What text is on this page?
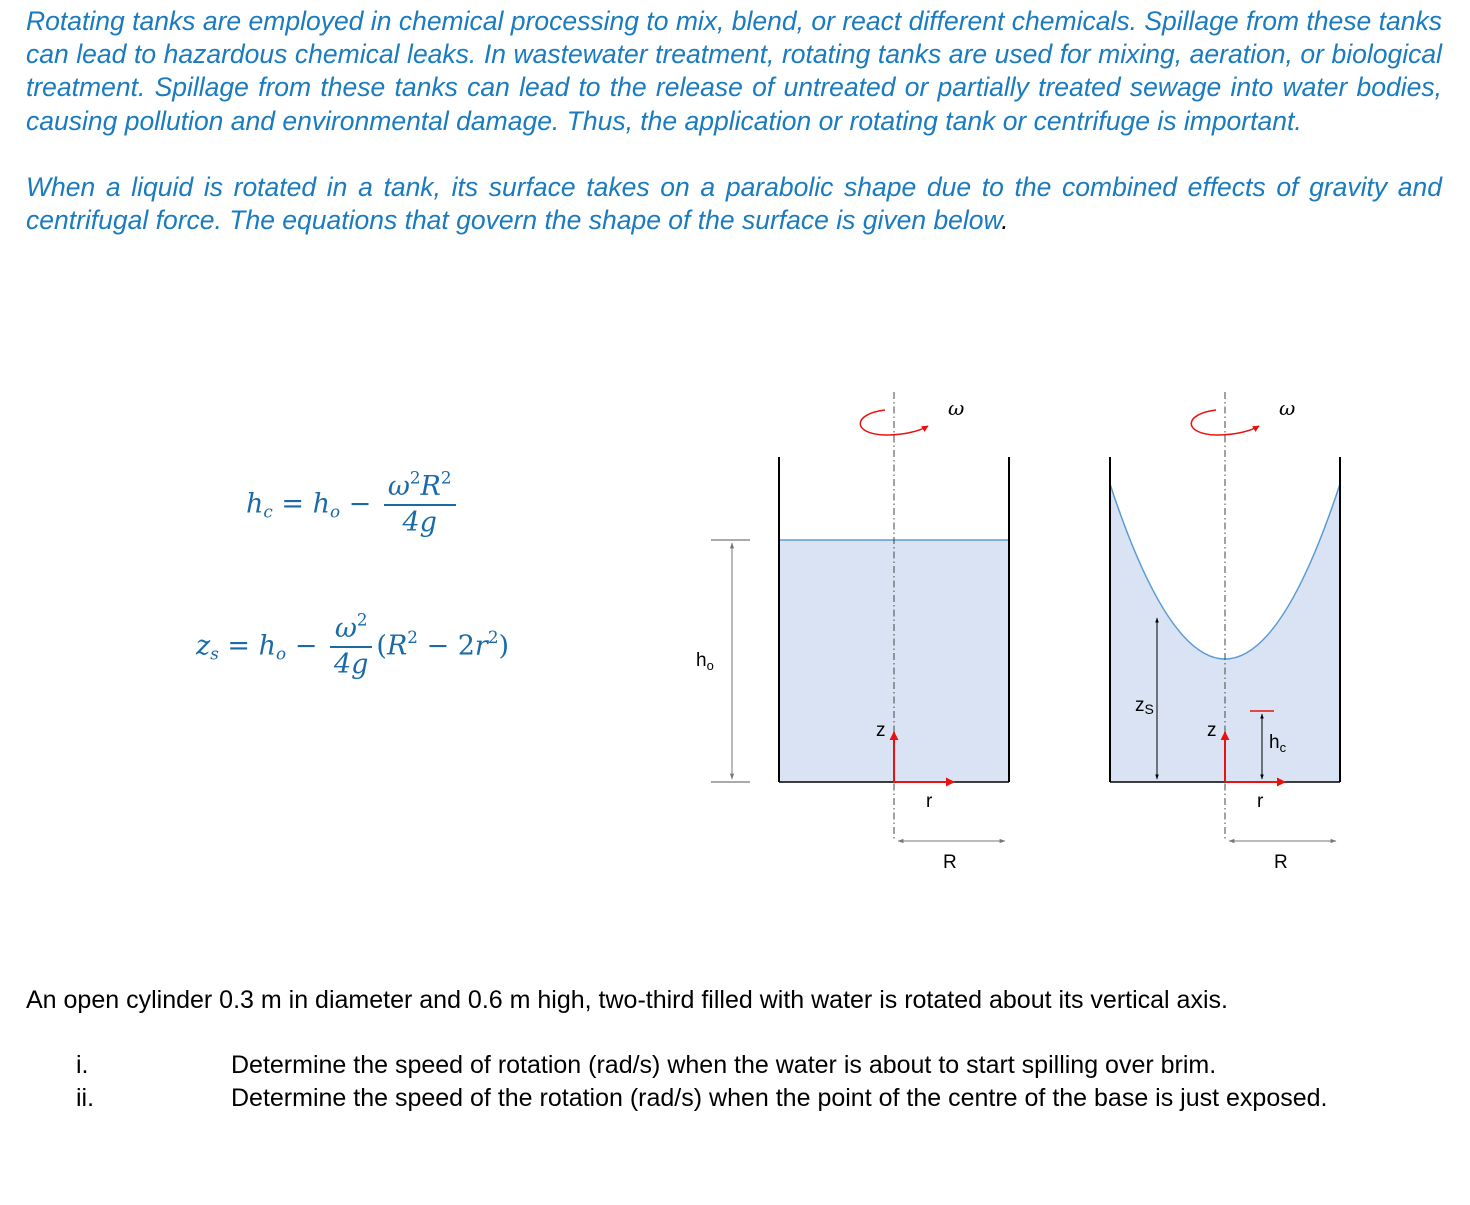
Rotating tanks are employed in chemical processing to mix, blend, or react different chemicals. Spillage from these tanks can lead to hazardous chemical leaks. In wastewater treatment, rotating tanks are used for mixing, aeration, or biological treatment. Spillage from these tanks can lead to the release of untreated or partially treated sewage into water bodies, causing pollution and environmental damage. Thus, the application or rotating tank or centrifuge is important.

When a liquid is rotated in a tank, its surface takes on a parabolic shape due to the combined effects of gravity and centrifugal force. The equations that govern the shape of the surface is given below.

$h_c = h_o - \frac{\omega^2R^2}{4g}$
$z_s = h_o - \frac{\omega^2}{4g} (R^2 - 2r^2)$
ω
$h_o$
z
r
R
ω
zS
$h_c$
z
r
R

An open cylinder 0.3 m in diameter and 0.6 m high, two-third filled with water is rotated about its vertical axis.

i.	Determine the speed of rotation (rad/s) when the water is about to start spilling over brim.
ii.	Determine the speed of the rotation (rad/s) when the point of the centre of the base is just exposed.
